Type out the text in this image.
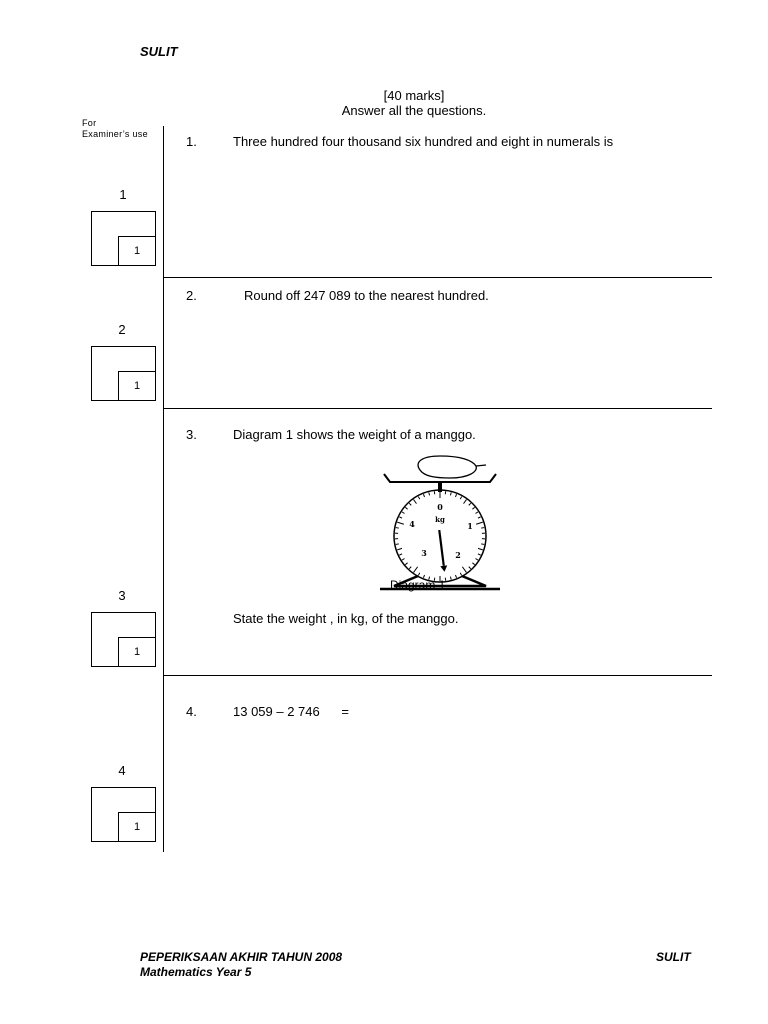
SULIT
[40 marks]
Answer all the questions.
For
Examiner’s use	1.	Three hundred four thousand six hundred and eight in numerals is
1
1
2.	Round off 247 089 to the nearest hundred.
2
1
3.	Diagram 1 shows the weight of a manggo.
0
kg
1
2
3
4
Diagram 1
State the weight , in kg, of the manggo.
3
1
4.	13 059 – 2 746      =
4
1
PEPERIKSAAN AKHIR TAHUN 2008
Mathematics Year 5
SULIT
